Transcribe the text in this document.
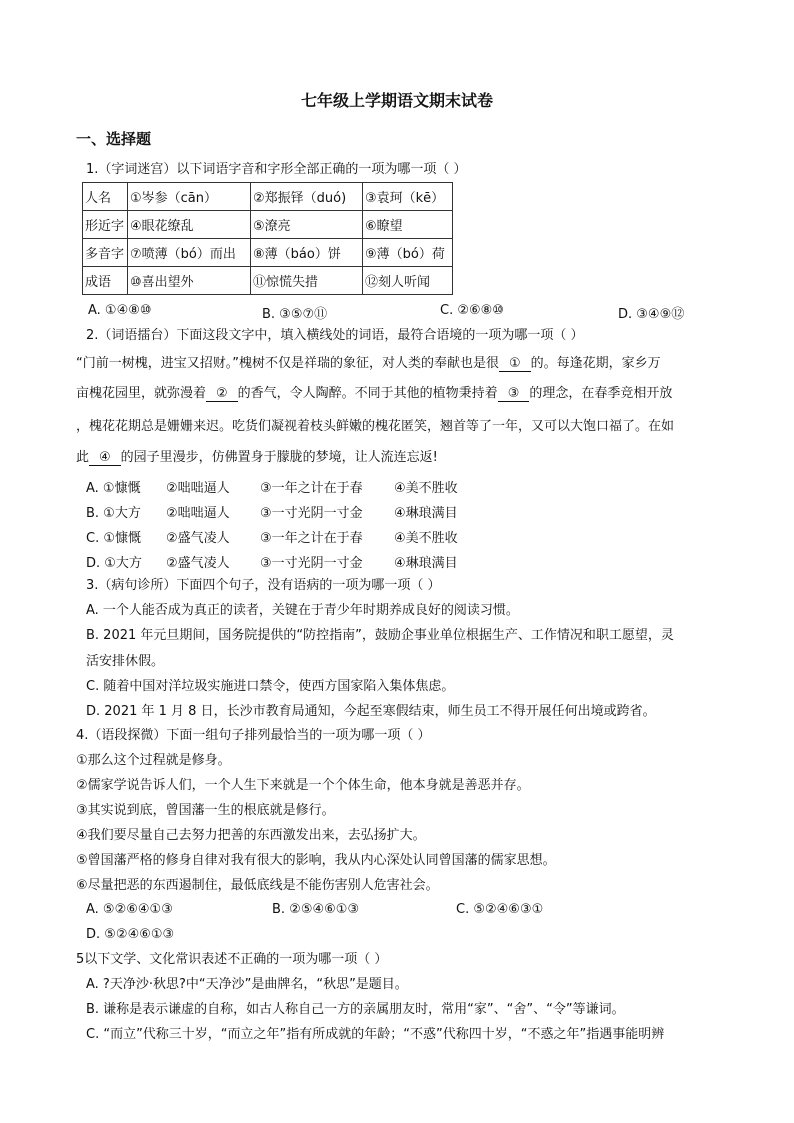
七年级上学期语文期末试卷
一、选择题
1.（字词迷宫）以下词语字音和字形全部正确的一项为哪一项（ ）
人名	①岑参（cān）	②郑振铎（duó)	③袁珂（kē）
形近字	④眼花缭乱	⑤潦亮	⑥瞭望
多音字	⑦喷薄（bó）而出	⑧薄（báo）饼	⑨薄（bó）荷
成语	⑩喜出望外	⑪惊慌失措	⑫刻人听闻
A. ①④⑧⑩	B. ③⑤⑦⑪	C. ②⑥⑧⑩	D. ③④⑨⑫
2.（词语擂台）下面这段文字中，填入横线处的词语，最符合语境的一项为哪一项（ ）
“门前一树槐，进宝又招财。”槐树不仅是祥瑞的象征，对人类的奉献也是很 ① 的。每逢花期，家乡万
亩槐花园里，就弥漫着 ② 的香气，令人陶醉。不同于其他的植物秉持着 ③ 的理念，在春季竞相开放
，槐花花期总是姗姗来迟。吃货们凝视着枝头鲜嫩的槐花匿笑，翘首等了一年，又可以大饱口福了。在如
此 ④ 的园子里漫步，仿佛置身于朦胧的梦境，让人流连忘返!
A. ①慷慨 ②咄咄逼人 ③一年之计在于春 ④美不胜收
B. ①大方 ②咄咄逼人 ③一寸光阴一寸金 ④琳琅满目
C. ①慷慨 ②盛气凌人 ③一年之计在于春 ④美不胜收
D. ①大方 ②盛气凌人 ③一寸光阴一寸金 ④琳琅满目
3.（病句诊所）下面四个句子，没有语病的一项为哪一项（ ）
A. 一个人能否成为真正的读者，关键在于青少年时期养成良好的阅读习惯。
B. 2021 年元旦期间，国务院提供的“防控指南”，鼓励企事业单位根据生产、工作情况和职工愿望，灵
活安排休假。
C. 随着中国对洋垃圾实施进口禁令，使西方国家陷入集体焦虑。
D. 2021 年 1 月 8 日，长沙市教育局通知，今起至寒假结束，师生员工不得开展任何出境或跨省。
4.（语段探微）下面一组句子排列最恰当的一项为哪一项（ ）
①那么这个过程就是修身。
②儒家学说告诉人们，一个人生下来就是一个个体生命，他本身就是善恶并存。
③其实说到底，曾国藩一生的根底就是修行。
④我们要尽量自己去努力把善的东西激发出来，去弘扬扩大。
⑤曾国藩严格的修身自律对我有很大的影响，我从内心深处认同曾国藩的儒家思想。
⑥尽量把恶的东西遏制住，最低底线是不能伤害别人危害社会。
A. ⑤②⑥④①③	B. ②⑤④⑥①③	C. ⑤②④⑥③①
D. ⑤②④⑥①③
5以下文学、文化常识表述不正确的一项为哪一项（ ）
A. ?天净沙·秋思?中“天净沙”是曲牌名，“秋思”是题目。
B. 谦称是表示谦虚的自称，如古人称自己一方的亲属朋友时，常用“家”、“舍”、“令”等谦词。
C. “而立”代称三十岁，“而立之年”指有所成就的年龄；“不惑”代称四十岁，“不惑之年”指遇事能明辨
